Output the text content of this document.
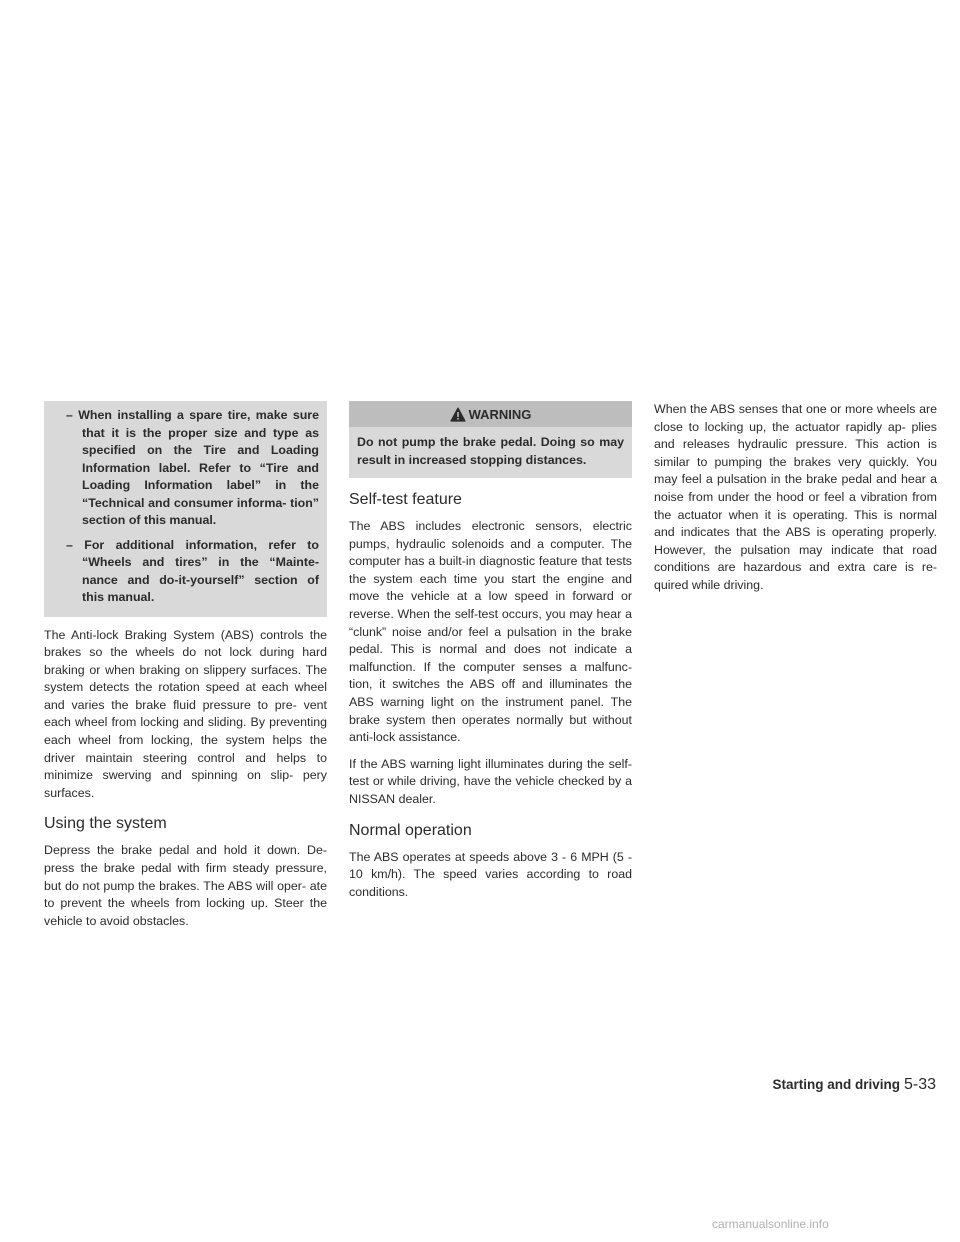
– When installing a spare tire, make sure that it is the proper size and type as specified on the Tire and Loading Information label. Refer to “Tire and Loading Information label” in the “Technical and consumer informa- tion” section of this manual.
– For additional information, refer to “Wheels and tires” in the “Mainte- nance and do-it-yourself” section of this manual.

The Anti-lock Braking System (ABS) controls the brakes so the wheels do not lock during hard braking or when braking on slippery surfaces. The system detects the rotation speed at each wheel and varies the brake fluid pressure to pre- vent each wheel from locking and sliding. By preventing each wheel from locking, the system helps the driver maintain steering control and helps to minimize swerving and spinning on slip- pery surfaces.

Using the system

Depress the brake pedal and hold it down. De- press the brake pedal with firm steady pressure, but do not pump the brakes. The ABS will oper- ate to prevent the wheels from locking up. Steer the vehicle to avoid obstacles.

WARNING
Do not pump the brake pedal. Doing so may result in increased stopping distances.
Self-test feature

The ABS includes electronic sensors, electric pumps, hydraulic solenoids and a computer. The computer has a built-in diagnostic feature that tests the system each time you start the engine and move the vehicle at a low speed in forward or reverse. When the self-test occurs, you may hear a “clunk” noise and/or feel a pulsation in the brake pedal. This is normal and does not indicate a malfunction. If the computer senses a malfunc- tion, it switches the ABS off and illuminates the ABS warning light on the instrument panel. The brake system then operates normally but without anti-lock assistance.

If the ABS warning light illuminates during the self-test or while driving, have the vehicle checked by a NISSAN dealer.

Normal operation

The ABS operates at speeds above 3 - 6 MPH (5 - 10 km/h). The speed varies according to road conditions.

When the ABS senses that one or more wheels are close to locking up, the actuator rapidly ap- plies and releases hydraulic pressure. This action is similar to pumping the brakes very quickly. You may feel a pulsation in the brake pedal and hear a noise from under the hood or feel a vibration from the actuator when it is operating. This is normal and indicates that the ABS is operating properly. However, the pulsation may indicate that road conditions are hazardous and extra care is re- quired while driving.

Starting and driving 5-33
carmanualsonline.info
